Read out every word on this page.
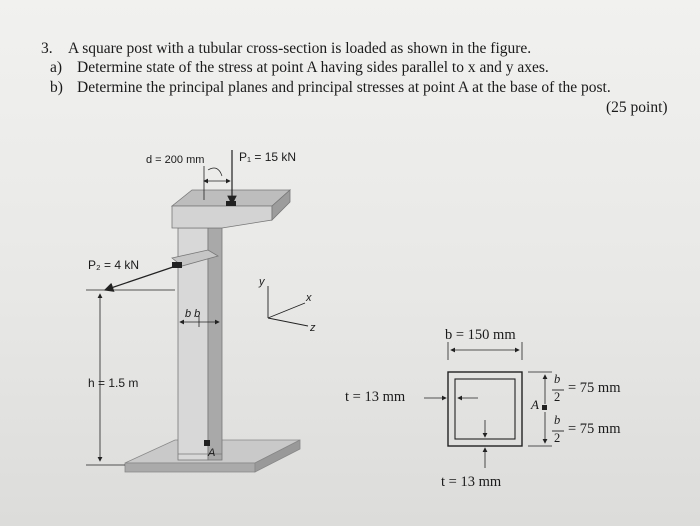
3. A square post with a tubular cross-section is loaded as shown in the figure.
a) Determine state of the stress at point A having sides parallel to x and y axes.
b) Determine the principal planes and principal stresses at point A at the base of the post.
(25 point)
d = 200 mm	P₁ = 15 kN
P₂ = 4 kN
h = 1.5 m
b b
y
x
z
A
b = 150 mm
t = 13 mm
t = 13 mm
A
b
2
= 75 mm
b
2
= 75 mm
